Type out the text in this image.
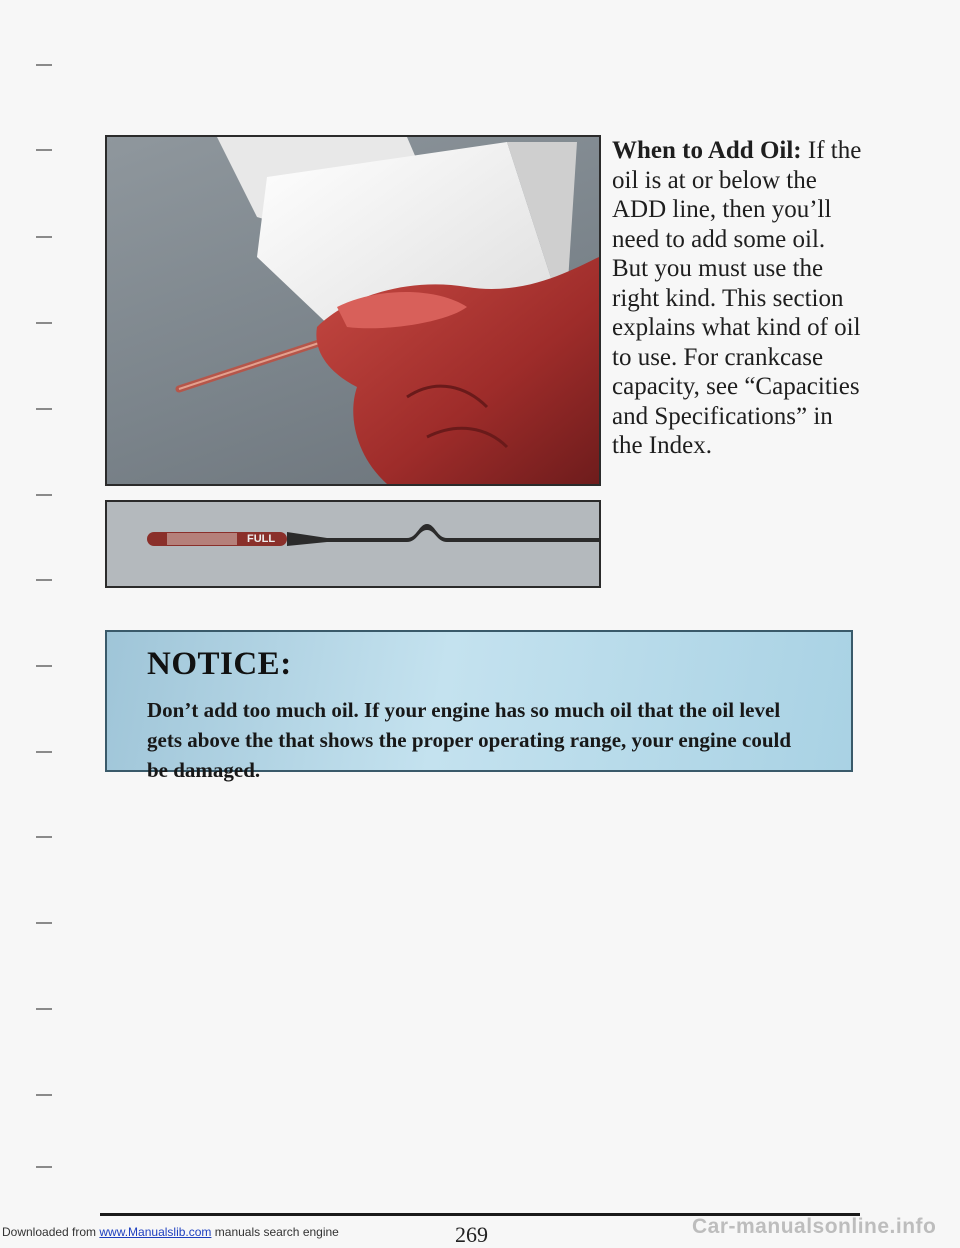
FULL
When to Add Oil: If the oil is at or below the ADD line, then you’ll need to add some oil. But you must use the right kind. This section explains what kind of oil to use. For crankcase capacity, see “Capacities and Specifications” in the Index.
NOTICE:
Don’t add too much oil. If your engine has so much oil that the oil level gets above the that shows the proper operating range, your engine could be damaged.
269
Downloaded from www.Manualslib.com manuals search engine	Car-manualsonline.info
